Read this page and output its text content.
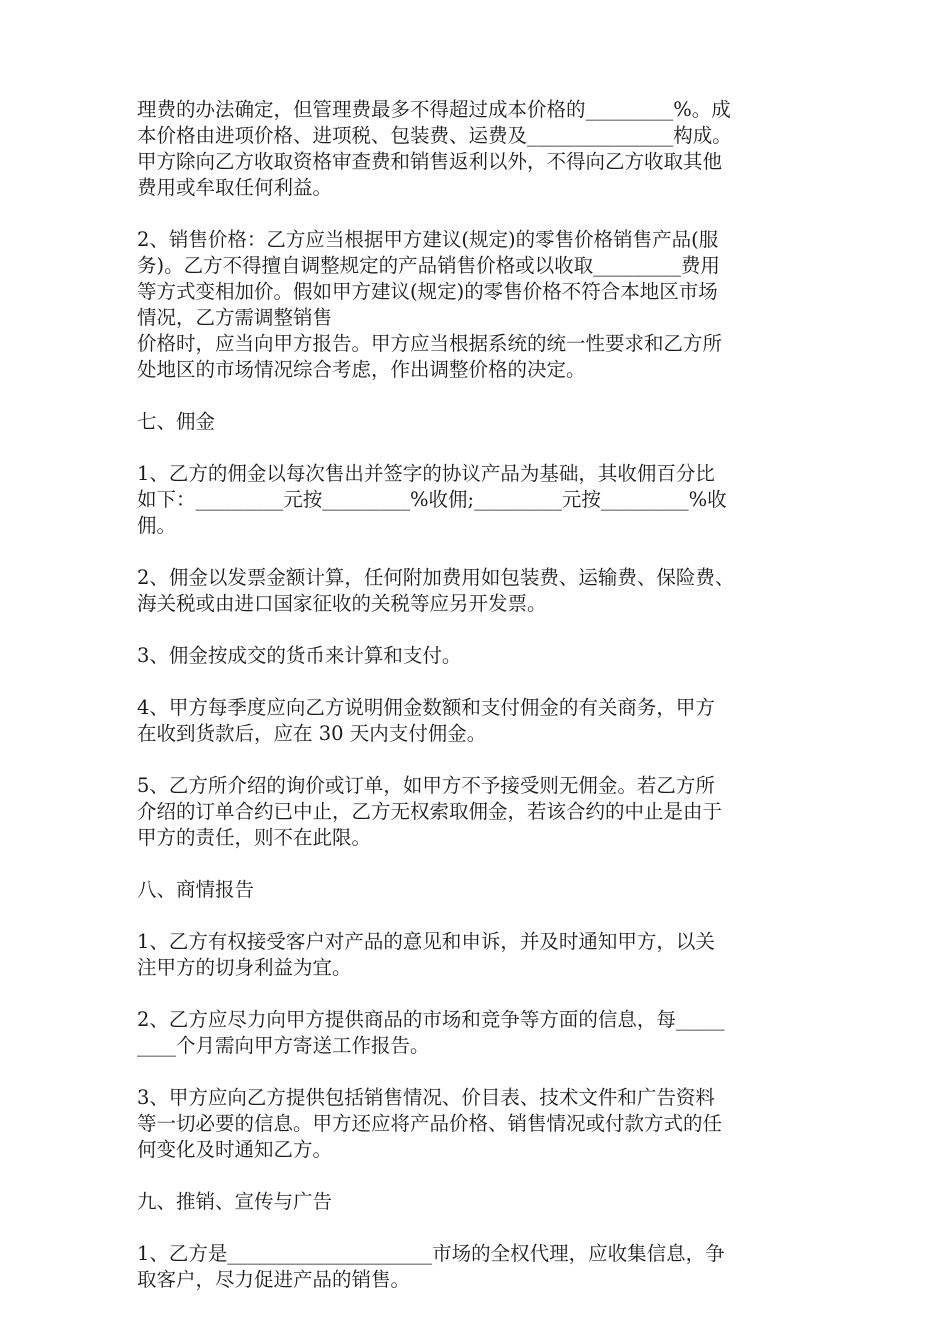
理费的办法确定，但管理费最多不得超过成本价格的_________%。成
本价格由进项价格、进项税、包装费、运费及_______________构成。
甲方除向乙方收取资格审查费和销售返利以外，不得向乙方收取其他
费用或牟取任何利益。

2、销售价格：乙方应当根据甲方建议(规定)的零售价格销售产品(服
务)。乙方不得擅自调整规定的产品销售价格或以收取_________费用
等方式变相加价。假如甲方建议(规定)的零售价格不符合本地区市场
情况，乙方需调整销售
价格时，应当向甲方报告。甲方应当根据系统的统一性要求和乙方所
处地区的市场情况综合考虑，作出调整价格的决定。

七、佣金

1、乙方的佣金以每次售出并签字的协议产品为基础，其收佣百分比
如下：_________元按_________%收佣;_________元按_________%收
佣。

2、佣金以发票金额计算，任何附加费用如包装费、运输费、保险费、
海关税或由进口国家征收的关税等应另开发票。

3、佣金按成交的货币来计算和支付。

4、甲方每季度应向乙方说明佣金数额和支付佣金的有关商务，甲方
在收到货款后，应在 30 天内支付佣金。

5、乙方所介绍的询价或订单，如甲方不予接受则无佣金。若乙方所
介绍的订单合约已中止，乙方无权索取佣金，若该合约的中止是由于
甲方的责任，则不在此限。

八、商情报告

1、乙方有权接受客户对产品的意见和申诉，并及时通知甲方，以关
注甲方的切身利益为宜。

2、乙方应尽力向甲方提供商品的市场和竞争等方面的信息，每_____
____个月需向甲方寄送工作报告。

3、甲方应向乙方提供包括销售情况、价目表、技术文件和广告资料
等一切必要的信息。甲方还应将产品价格、销售情况或付款方式的任
何变化及时通知乙方。

九、推销、宣传与广告

1、乙方是_____________________市场的全权代理，应收集信息，争
取客户，尽力促进产品的销售。
